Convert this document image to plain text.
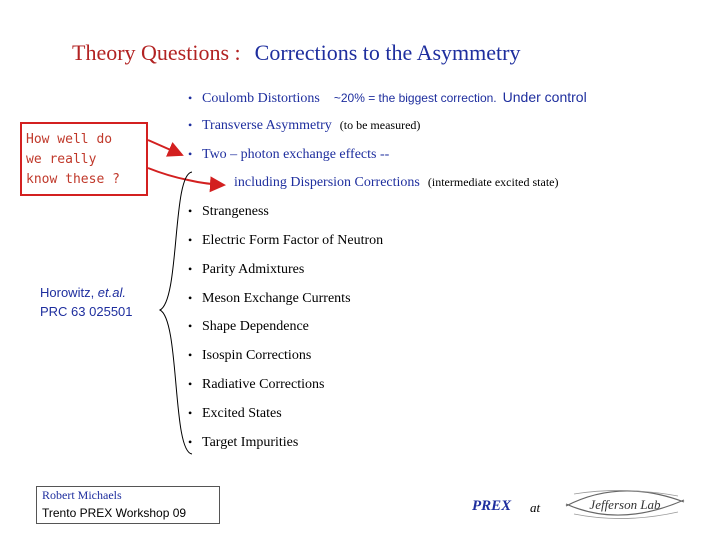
Theory Questions : Corrections to the Asymmetry
• Coulomb Distortions ~20% = the biggest correction. Under control
• Transverse Asymmetry (to be measured)
• Two – photon exchange effects --
including Dispersion Corrections (intermediate excited state)
• Strangeness
• Electric Form Factor of Neutron
• Parity Admixtures
• Meson Exchange Currents
• Shape Dependence
• Isospin Corrections
• Radiative Corrections
• Excited States
• Target Impurities
How well do
we really
know these ?
Horowitz, et.al.
PRC 63 025501
Robert Michaels
Trento PREX Workshop 09	PREX at	Jefferson Lab
